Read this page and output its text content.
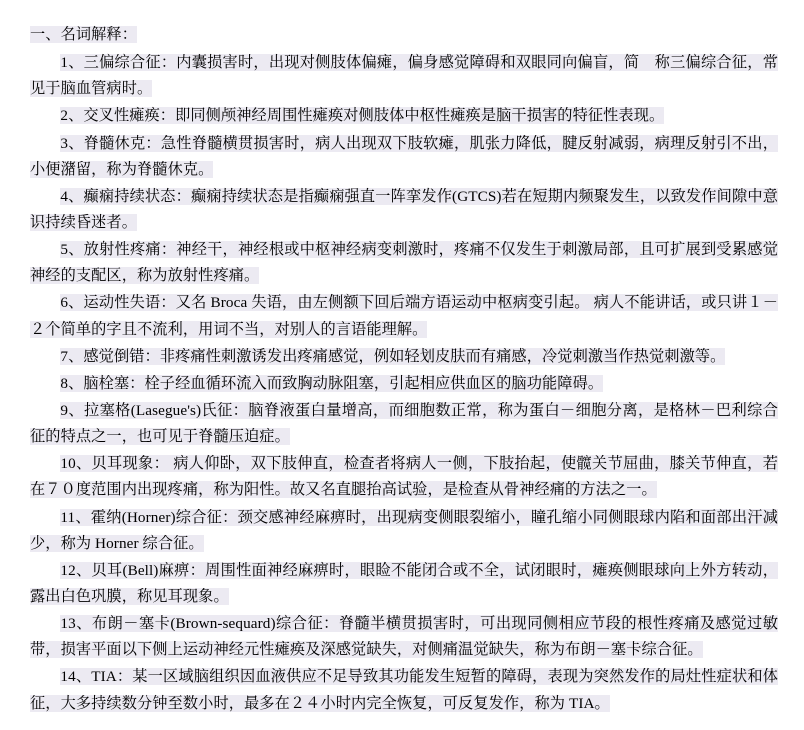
一、名词解释：

1、三偏综合征：内囊损害时，出现对侧肢体偏瘫，偏身感觉障碍和双眼同向偏盲，简　称三偏综合征，常见于脑血管病时。

2、交叉性瘫痪：即同侧颅神经周围性瘫痪对侧肢体中枢性瘫痪是脑干损害的特征性表现。

3、脊髓休克：急性脊髓横贯损害时，病人出现双下肢软瘫，肌张力降低，腱反射减弱，病理反射引不出，小便潴留，称为脊髓休克。

4、癫痫持续状态：癫痫持续状态是指癫痫强直一阵挛发作(GTCS)若在短期内频聚发生，以致发作间隙中意识持续昏迷者。

5、放射性疼痛：神经干，神经根或中枢神经病变刺激时，疼痛不仅发生于刺激局部，且可扩展到受累感觉神经的支配区，称为放射性疼痛。

6、运动性失语：又名 Broca 失语，由左侧额下回后端方语运动中枢病变引起。 病人不能讲话，或只讲１－２个简单的字且不流利，用词不当，对别人的言语能理解。

7、感觉倒错：非疼痛性刺激诱发出疼痛感觉，例如轻划皮肤而有痛感，冷觉刺激当作热觉刺激等。

8、脑栓塞：栓子经血循环流入而致胸动脉阻塞，引起相应供血区的脑功能障碍。

9、拉塞格(Lasegue's)氏征：脑脊液蛋白量增高，而细胞数正常，称为蛋白－细胞分离，是格林－巴利综合征的特点之一，也可见于脊髓压迫症。

10、贝耳现象： 病人仰卧，双下肢伸直，检查者将病人一侧，下肢抬起，使髋关节屈曲，膝关节伸直，若在７０度范围内出现疼痛，称为阳性。故又名直腿抬高试验，是检查从骨神经痛的方法之一。

11、霍纳(Horner)综合征：颈交感神经麻痹时，出现病变侧眼裂缩小，瞳孔缩小同侧眼球内陷和面部出汗减少，称为 Horner 综合征。

12、贝耳(Bell)麻痹：周围性面神经麻痹时，眼睑不能闭合或不全，试闭眼时，瘫痪侧眼球向上外方转动，露出白色巩膜，称见耳现象。

13、布朗－塞卡(Brown-sequard)综合征：脊髓半横贯损害时，可出现同侧相应节段的根性疼痛及感觉过敏带，损害平面以下侧上运动神经元性瘫痪及深感觉缺失，对侧痛温觉缺失，称为布朗－塞卡综合征。

14、TIA：某一区域脑组织因血液供应不足导致其功能发生短暂的障碍，表现为突然发作的局灶性症状和体征，大多持续数分钟至数小时，最多在２４小时内完全恢复，可反复发作，称为 TIA。
